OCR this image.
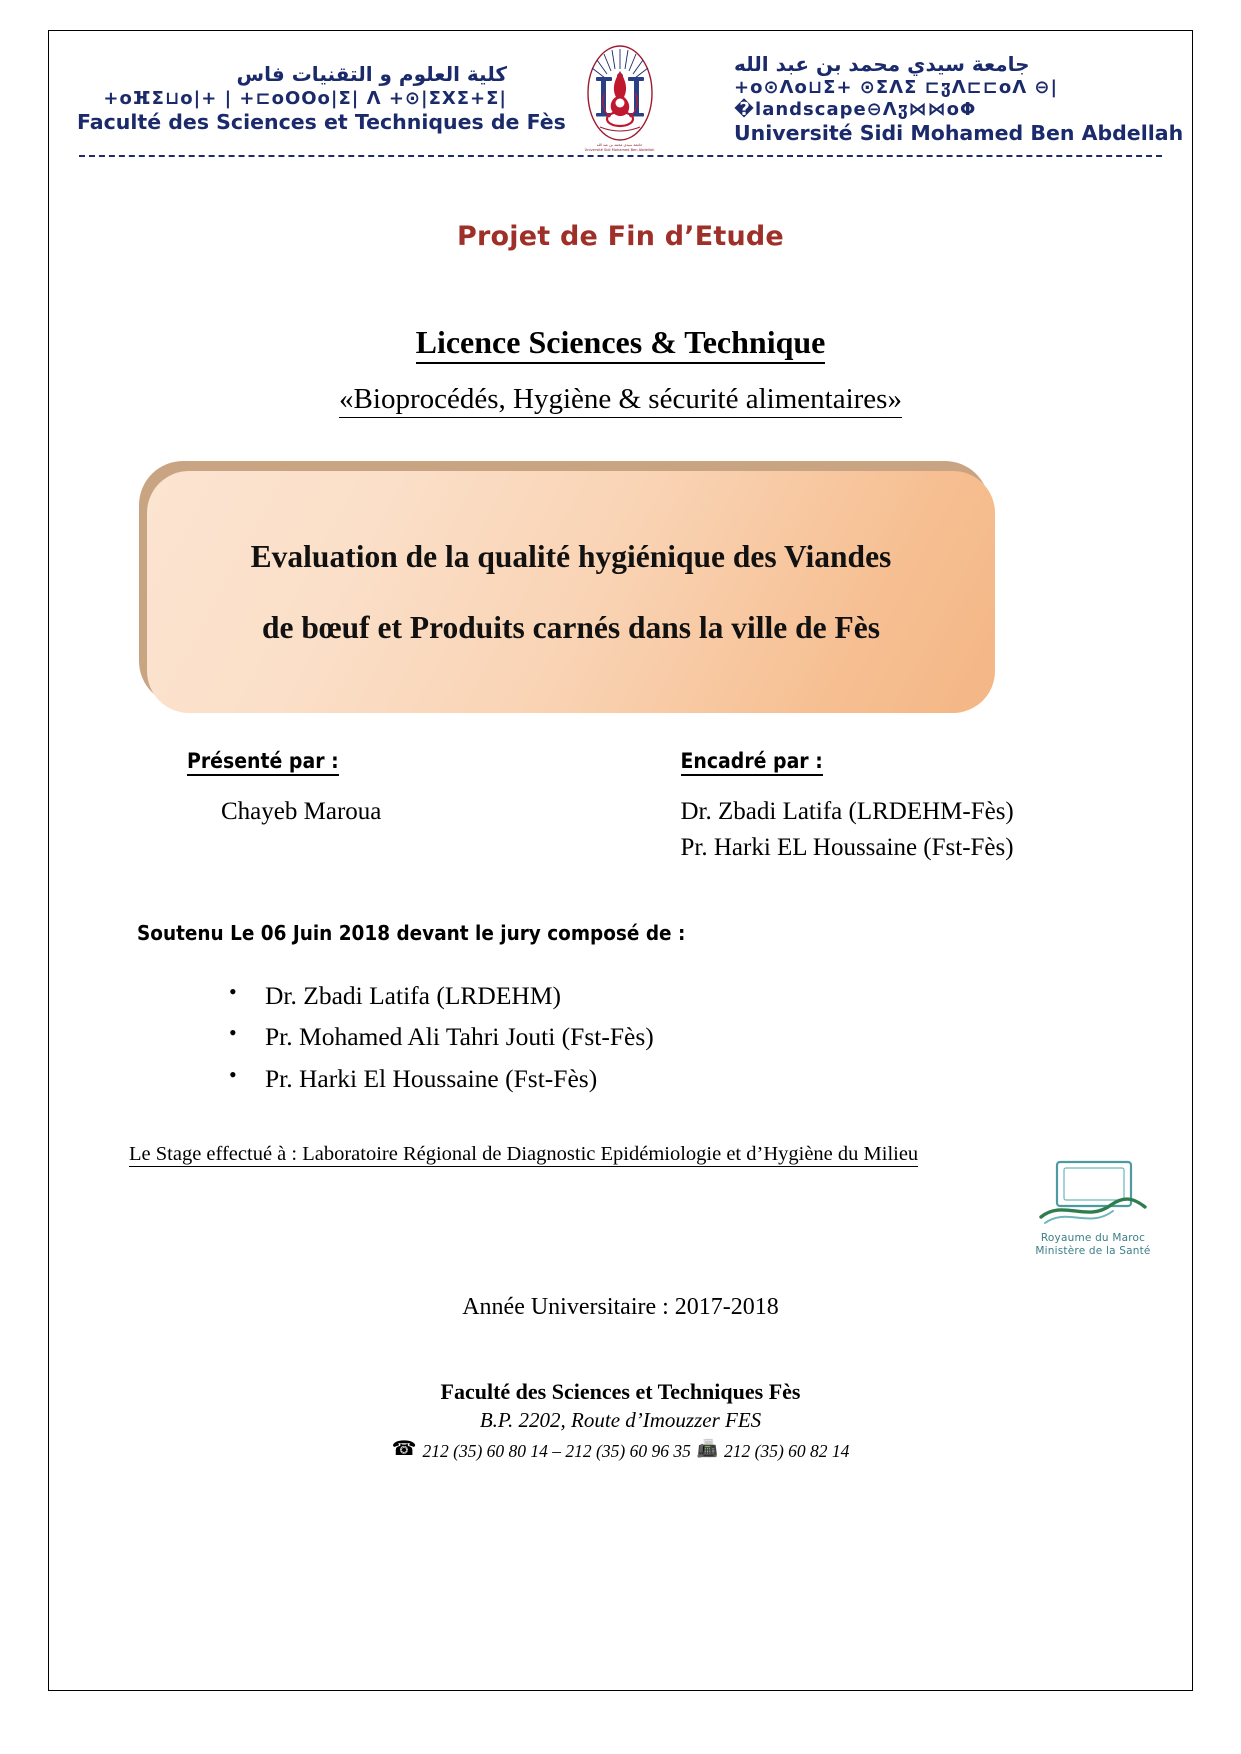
كلية العلوم و التقنيات فاس
+oⴼƩ⊔o|+ | +⊏oOOo|Ʃ| Ʌ +⊙|ƩⅩƩ+Ʃ|
Faculté des Sciences et Techniques de Fès
جامعة سيدي محمد بن عبد الله
Université Sidi Mohamed Ben Abdellah
جامعة سيدي محمد بن عبد الله
+o⊙Ʌo⊔Ʃ+ ⊙ƩɅƩ ⊏ჳɅ⊏⊏oɅ ⊖| �landscape⊖Ʌჳ⋈⋈oΦ
Université Sidi Mohamed Ben Abdellah
Projet de Fin d’Etude
Licence Sciences & Technique
«Bioprocédés, Hygiène & sécurité alimentaires»
Evaluation de la qualité hygiénique des Viandes
de bœuf et Produits carnés dans la ville de Fès
Présenté par :
Chayeb Maroua
Encadré par :
Dr. Zbadi Latifa (LRDEHM-Fès)
Pr. Harki EL Houssaine (Fst-Fès)
Soutenu Le 06 Juin 2018 devant le jury composé de :
• Dr. Zbadi Latifa (LRDEHM)
• Pr. Mohamed Ali Tahri Jouti (Fst-Fès)
• Pr. Harki El Houssaine (Fst-Fès)
Le Stage effectué à : Laboratoire Régional de Diagnostic Epidémiologie et d’Hygiène du Milieu
Royaume du Maroc
Ministère de la Santé
Année Universitaire : 2017-2018
Faculté des Sciences et Techniques Fès
B.P. 2202, Route d’Imouzzer FES
☎ 212 (35) 60 80 14 – 212 (35) 60 96 35 📠 212 (35) 60 82 14
